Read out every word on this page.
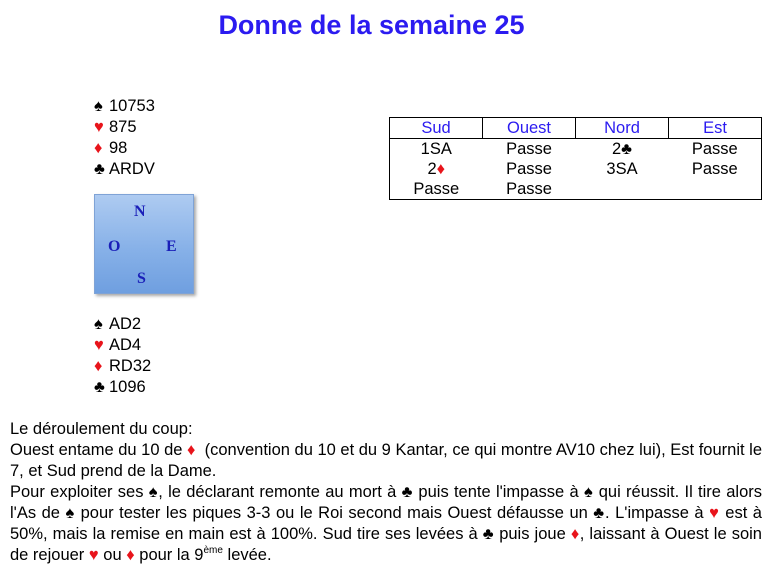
Donne de la semaine 25
♠ 10753
♥ 875
♦ 98
♣ ARDV
N
O	E
S
♠ AD2
♥ AD4
♦ RD32
♣ 1096
Sud	Ouest	Nord	Est
1SA	Passe	2♣	Passe
2♦	Passe	3SA	Passe
Passe	Passe		

Le déroulement du coup:

Ouest entame du 10 de ♦ (convention du 10 et du 9 Kantar, ce qui montre AV10 chez lui), Est fournit le 7, et Sud prend de la Dame.

Pour exploiter ses ♠, le déclarant remonte au mort à ♣ puis tente l'impasse à ♠ qui réussit. Il tire alors l'As de ♠ pour tester les piques 3-3 ou le Roi second mais Ouest défausse un ♣. L'impasse à ♥ est à 50%, mais la remise en main est à 100%. Sud tire ses levées à ♣ puis joue ♦, laissant à Ouest le soin de rejouer ♥ ou ♦ pour la 9ème levée.
